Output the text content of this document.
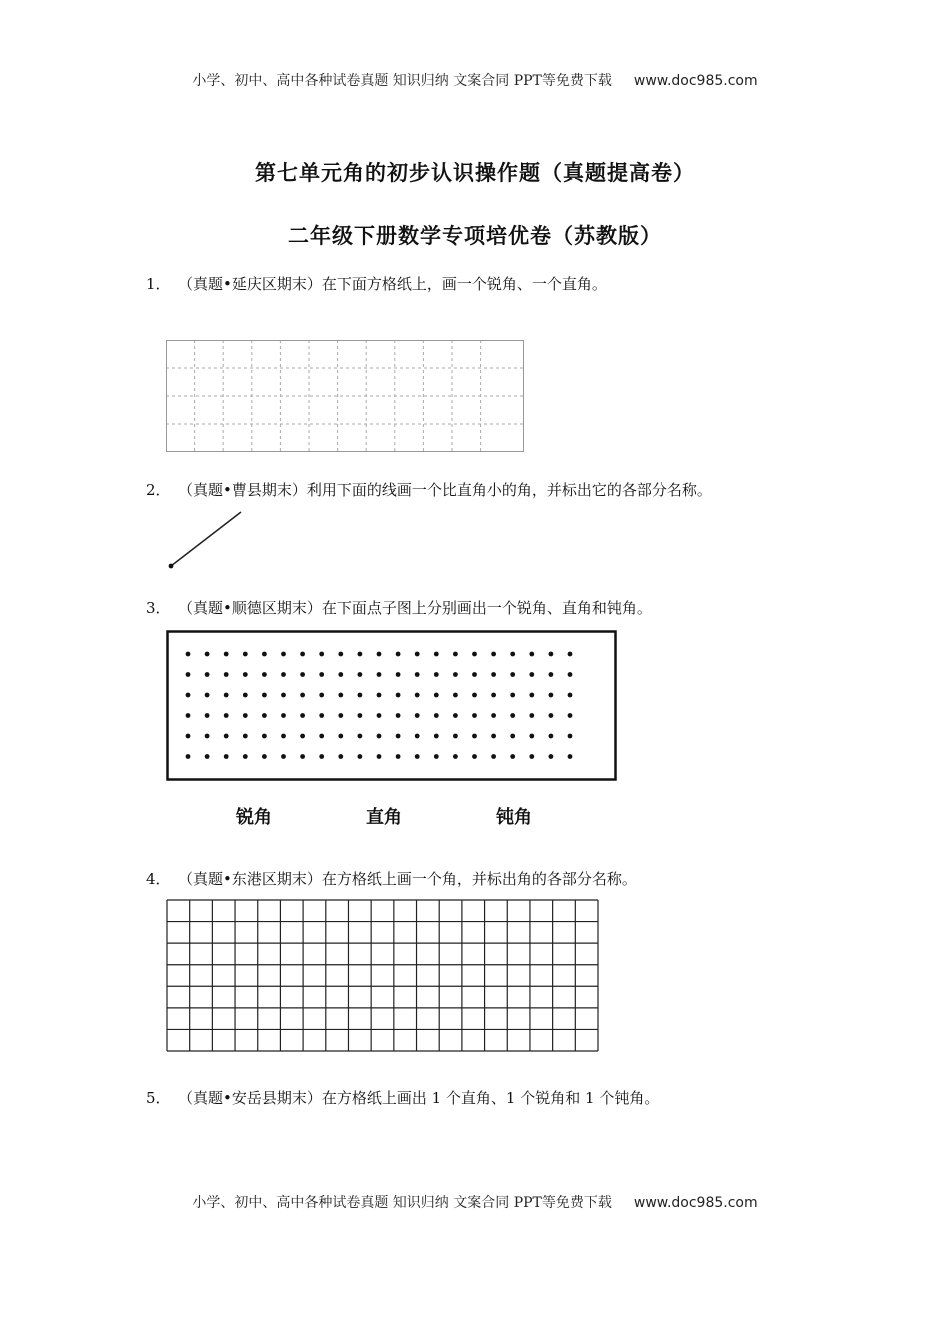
小学、初中、高中各种试卷真题 知识归纳 文案合同 PPT等免费下载 www.doc985.com
第七单元角的初步认识操作题（真题提高卷）
二年级下册数学专项培优卷（苏教版）
1． （真题•延庆区期末）在下面方格纸上，画一个锐角、一个直角。
2． （真题•曹县期末）利用下面的线画一个比直角小的角，并标出它的各部分名称。
3． （真题•顺德区期末）在下面点子图上分别画出一个锐角、直角和钝角。
锐角	直角	钝角
4． （真题•东港区期末）在方格纸上画一个角，并标出角的各部分名称。
5． （真题•安岳县期末）在方格纸上画出 1 个直角、1 个锐角和 1 个钝角。
小学、初中、高中各种试卷真题 知识归纳 文案合同 PPT等免费下载 www.doc985.com
